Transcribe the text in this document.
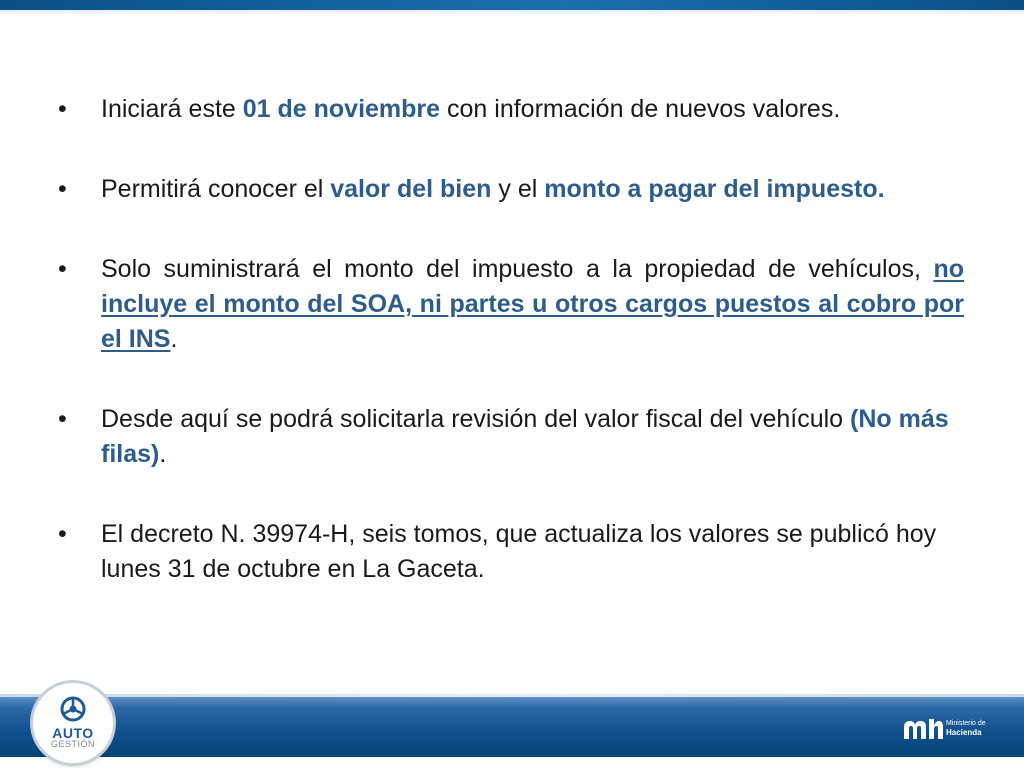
• Iniciará este 01 de noviembre con información de nuevos valores.
• Permitirá conocer el valor del bien y el monto a pagar del impuesto.
• Solo suministrará el monto del impuesto a la propiedad de vehículos, no incluye el monto del SOA, ni partes u otros cargos puestos al cobro por el INS.
• Desde aquí se podrá solicitarla revisión del valor fiscal del vehículo (No más filas).
• El decreto N. 39974-H, seis tomos, que actualiza los valores se publicó hoy lunes 31 de octubre en La Gaceta.
AUTO
GESTIÓN
Ministerio de
Hacienda
